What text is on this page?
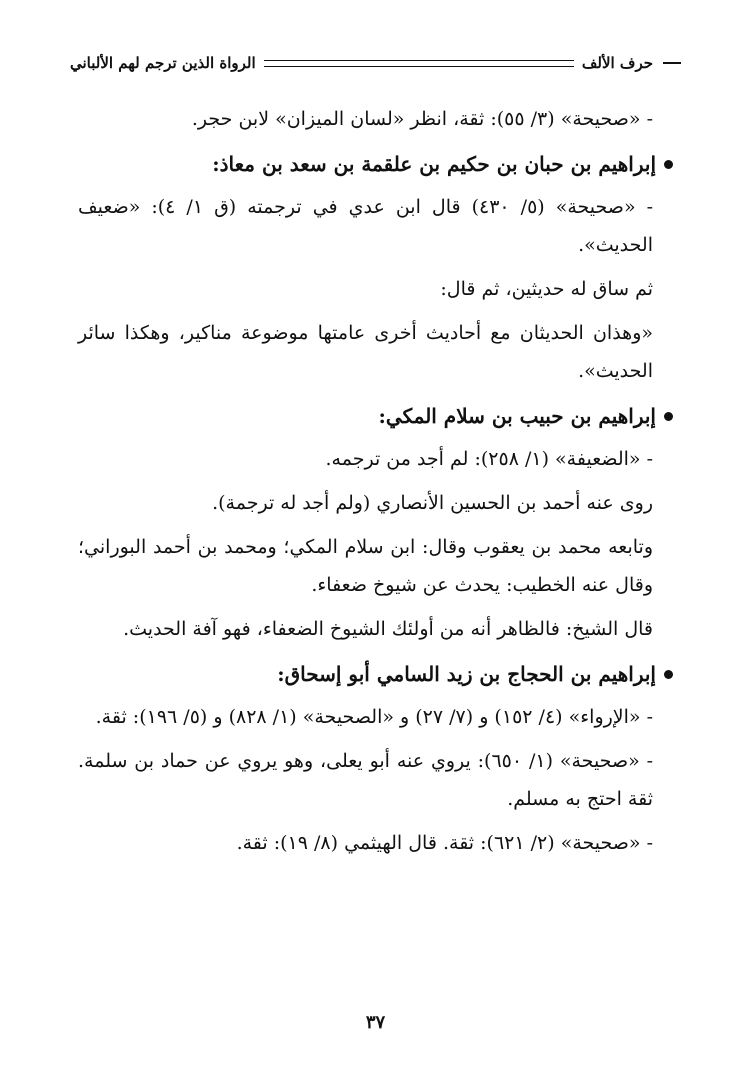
حرف الألف
الرواة الذين ترجم لهم الألباني

- «صحيحة» (٣/ ٥٥): ثقة، انظر «لسان الميزان» لابن حجر.

إبراهيم بن حبان بن حكيم بن علقمة بن سعد بن معاذ:

- «صحيحة» (٥/ ٤٣٠) قال ابن عدي في ترجمته (ق ١/ ٤): «ضعيف الحديث».

ثم ساق له حديثين، ثم قال:

«وهذان الحديثان مع أحاديث أخرى عامتها موضوعة مناكير، وهكذا سائر الحديث».

إبراهيم بن حبيب بن سلام المكي:

- «الضعيفة» (١/ ٢٥٨): لم أجد من ترجمه.

روى عنه أحمد بن الحسين الأنصاري (ولم أجد له ترجمة).

وتابعه محمد بن يعقوب وقال: ابن سلام المكي؛ ومحمد بن أحمد البوراني؛ وقال عنه الخطيب: يحدث عن شيوخ ضعفاء.

قال الشيخ: فالظاهر أنه من أولئك الشيوخ الضعفاء، فهو آفة الحديث.

إبراهيم بن الحجاج بن زيد السامي أبو إسحاق:

- «الإرواء» (٤/ ١٥٢) و (٧/ ٢٧) و «الصحيحة» (١/ ٨٢٨) و (٥/ ١٩٦): ثقة.

- «صحيحة» (١/ ٦٥٠): يروي عنه أبو يعلى، وهو يروي عن حماد بن سلمة. ثقة احتج به مسلم.

- «صحيحة» (٢/ ٦٢١): ثقة. قال الهيثمي (٨/ ١٩): ثقة.

٣٧
